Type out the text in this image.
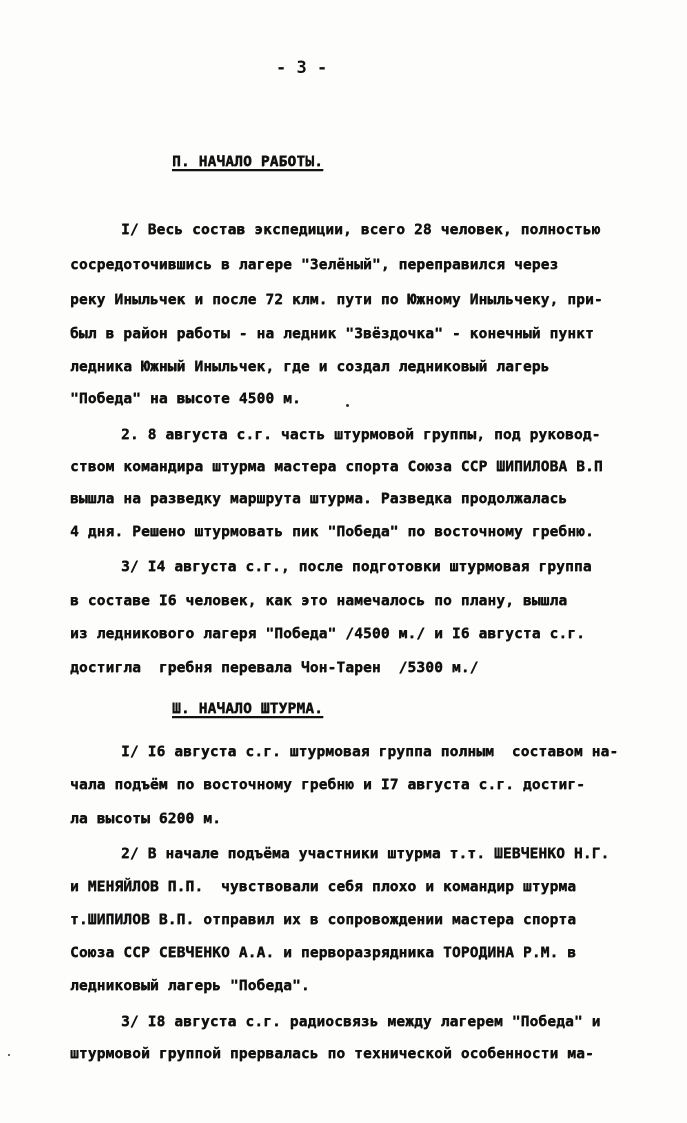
- 3 -
П. НАЧАЛО РАБОТЫ.
I/ Весь состав экспедиции, всего 28 человек, полностью
сосредоточившись в лагере "Зелёный", переправился через
реку Иныльчек и после 72 клм. пути по Южному Иныльчеку, при-
был в район работы - на ледник "Звёздочка" - конечный пункт
ледника Южный Иныльчек, где и создал ледниковый лагерь
"Победа" на высоте 4500 м.
2. 8 августа с.г. часть штурмовой группы, под руковод-
ством командира штурма мастера спорта Союза ССР ШИПИЛОВА В.П
вышла на разведку маршрута штурма. Разведка продолжалась
4 дня. Решено штурмовать пик "Победа" по восточному гребню.
3/ I4 августа с.г., после подготовки штурмовая группа
в составе I6 человек, как это намечалось по плану, вышла
из ледникового лагеря "Победа" /4500 м./ и I6 августа с.г.
достигла  гребня перевала Чон-Тарен  /5300 м./
Ш. НАЧАЛО ШТУРМА.
I/ I6 августа с.г. штурмовая группа полным  составом на-
чала подъём по восточному гребню и I7 августа с.г. достиг-
ла высоты 6200 м.
2/ В начале подъёма участники штурма т.т. ШЕВЧЕНКО Н.Г.
и МЕНЯЙЛОВ П.П.  чувствовали себя плохо и командир штурма
т.ШИПИЛОВ В.П. отправил их в сопровождении мастера спорта
Союза ССР СЕВЧЕНКО А.А. и перворазрядника ТОРОДИНА Р.М. в
ледниковый лагерь "Победа".
3/ I8 августа с.г. радиосвязь между лагерем "Победа" и
штурмовой группой прервалась по технической особенности ма-
